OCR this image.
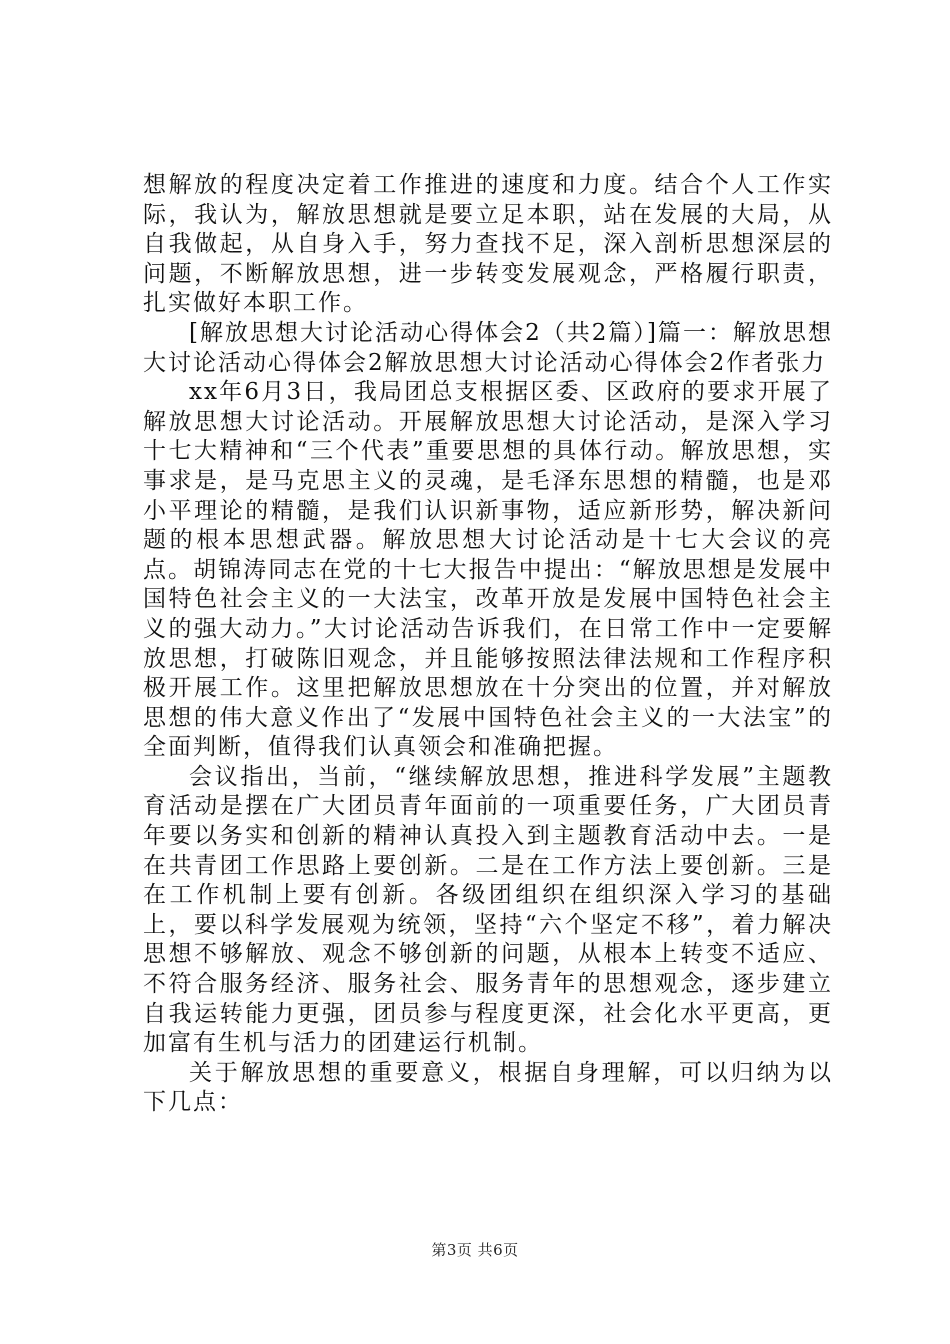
想解放的程度决定着工作推进的速度和力度。结合个人工作实际，我认为，解放思想就是要立足本职，站在发展的大局，从自我做起，从自身入手，努力查找不足，深入剖析思想深层的问题，不断解放思想，进一步转变发展观念，严格履行职责，扎实做好本职工作。

[解放思想大讨论活动心得体会2（共2篇）]篇一：解放思想大讨论活动心得体会2解放思想大讨论活动心得体会2作者张力

xx年6月3日，我局团总支根据区委、区政府的要求开展了解放思想大讨论活动。开展解放思想大讨论活动，是深入学习十七大精神和“三个代表”重要思想的具体行动。解放思想，实事求是，是马克思主义的灵魂，是毛泽东思想的精髓，也是邓小平理论的精髓，是我们认识新事物，适应新形势，解决新问题的根本思想武器。解放思想大讨论活动是十七大会议的亮点。胡锦涛同志在党的十七大报告中提出：“解放思想是发展中国特色社会主义的一大法宝，改革开放是发展中国特色社会主义的强大动力。”大讨论活动告诉我们，在日常工作中一定要解放思想，打破陈旧观念，并且能够按照法律法规和工作程序积极开展工作。这里把解放思想放在十分突出的位置，并对解放思想的伟大意义作出了“发展中国特色社会主义的一大法宝”的全面判断，值得我们认真领会和准确把握。

会议指出，当前，“继续解放思想，推进科学发展”主题教育活动是摆在广大团员青年面前的一项重要任务，广大团员青年要以务实和创新的精神认真投入到主题教育活动中去。一是在共青团工作思路上要创新。二是在工作方法上要创新。三是在工作机制上要有创新。各级团组织在组织深入学习的基础上，要以科学发展观为统领，坚持“六个坚定不移”，着力解决思想不够解放、观念不够创新的问题，从根本上转变不适应、不符合服务经济、服务社会、服务青年的思想观念，逐步建立自我运转能力更强，团员参与程度更深，社会化水平更高，更加富有生机与活力的团建运行机制。

关于解放思想的重要意义，根据自身理解，可以归纳为以下几点：

第3页 共6页
